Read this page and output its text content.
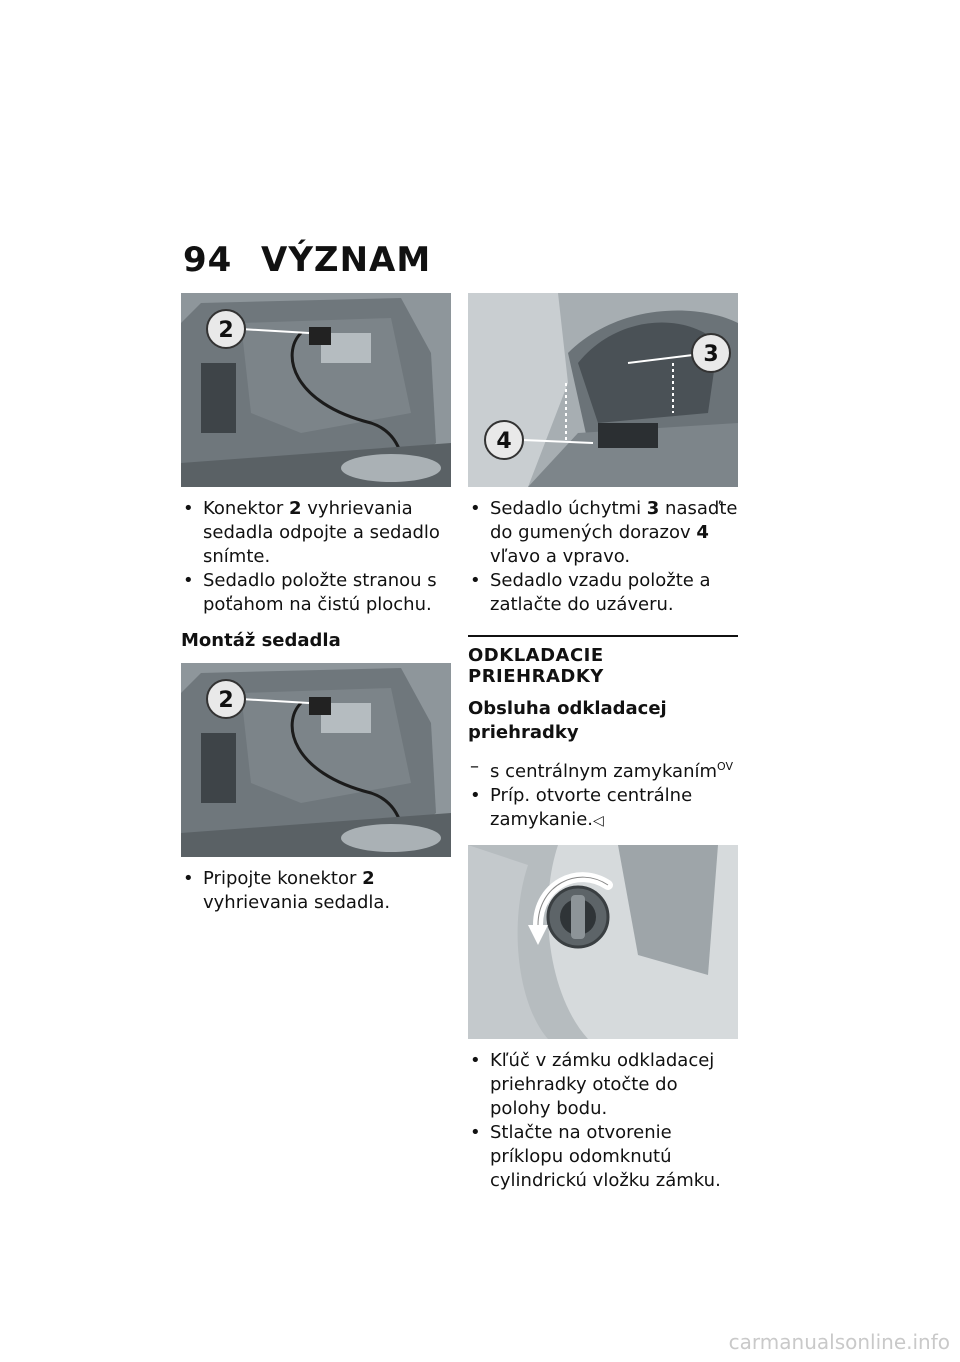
94 VÝZNAM
2
• Konektor 2 vyhrievania sedadla odpojte a sedadlo snímte.
• Sedadlo položte stranou s poťahom na čistú plochu.
Montáž sedadla
2
• Pripojte konektor 2 vyhrievania sedadla.
3
4
• Sedadlo úchytmi 3 nasaďte do gumených dorazov 4 vľavo a vpravo.
• Sedadlo vzadu položte a zatlačte do uzáveru.
ODKLADACIE PRIEHRADKY
Obsluha odkladacej priehradky
– s centrálnym zamykaním$^{OV}$
• Príp. otvorte centrálne zamykanie.◁
• Kľúč v zámku odkladacej priehradky otočte do polohy bodu.
• Stlačte na otvorenie príklopu odomknutú cylindrickú vložku zámku.
carmanualsonline.info
